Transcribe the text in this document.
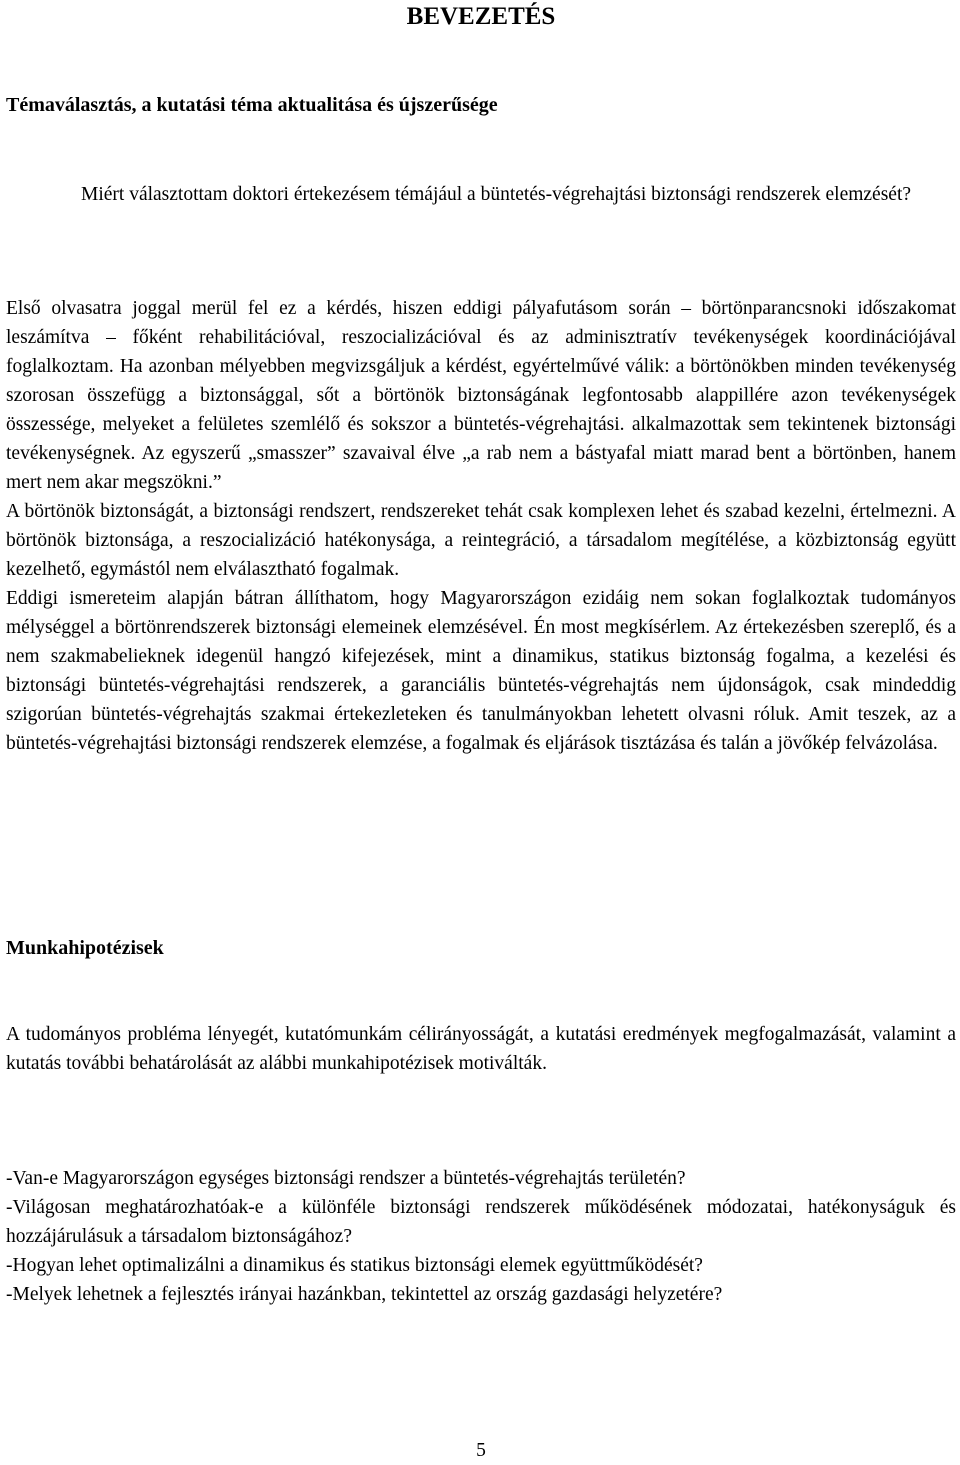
BEVEZETÉS
Témaválasztás, a kutatási téma aktualitása és újszerűsége
Miért választottam doktori értekezésem témájául a büntetés-végrehajtási biztonsági rendszerek elemzését?

Első olvasatra joggal merül fel ez a kérdés, hiszen eddigi pályafutásom során – börtönparancsnoki időszakomat leszámítva – főként rehabilitációval, reszocializációval és az adminisztratív tevékenységek koordinációjával foglalkoztam. Ha azonban mélyebben megvizsgáljuk a kérdést, egyértelművé válik: a börtönökben minden tevékenység szorosan összefügg a biztonsággal, sőt a börtönök biztonságának legfontosabb alappillére azon tevékenységek összessége, melyeket a felületes szemlélő és sokszor a büntetés-végrehajtási. alkalmazottak sem tekintenek biztonsági tevékenységnek. Az egyszerű „smasszer” szavaival élve „a rab nem a bástyafal miatt marad bent a börtönben, hanem mert nem akar megszökni.”

A börtönök biztonságát, a biztonsági rendszert, rendszereket tehát csak komplexen lehet és szabad kezelni, értelmezni. A börtönök biztonsága, a reszocializáció hatékonysága, a reintegráció, a társadalom megítélése, a közbiztonság együtt kezelhető, egymástól nem elválasztható fogalmak.

Eddigi ismereteim alapján bátran állíthatom, hogy Magyarországon ezidáig nem sokan foglalkoztak tudományos mélységgel a börtönrendszerek biztonsági elemeinek elemzésével. Én most megkísérlem. Az értekezésben szereplő, és a nem szakmabelieknek idegenül hangzó kifejezések, mint a dinamikus, statikus biztonság fogalma, a kezelési és biztonsági büntetés-végrehajtási rendszerek, a garanciális büntetés-végrehajtás nem újdonságok, csak mindeddig szigorúan büntetés-végrehajtás szakmai értekezleteken és tanulmányokban lehetett olvasni róluk. Amit teszek, az a büntetés-végrehajtási biztonsági rendszerek elemzése, a fogalmak és eljárások tisztázása és talán a jövőkép felvázolása.

Munkahipotézisek
A tudományos probléma lényegét, kutatómunkám célirányosságát, a kutatási eredmények megfogalmazását, valamint a kutatás további behatárolását az alábbi munkahipotézisek motiválták.

-Van-e Magyarországon egységes biztonsági rendszer a büntetés-végrehajtás területén?

-Világosan meghatározhatóak-e a különféle biztonsági rendszerek működésének módozatai, hatékonyságuk és hozzájárulásuk a társadalom biztonságához?

-Hogyan lehet optimalizálni a dinamikus és statikus biztonsági elemek együttműködését?

-Melyek lehetnek a fejlesztés irányai hazánkban, tekintettel az ország gazdasági helyzetére?

5
